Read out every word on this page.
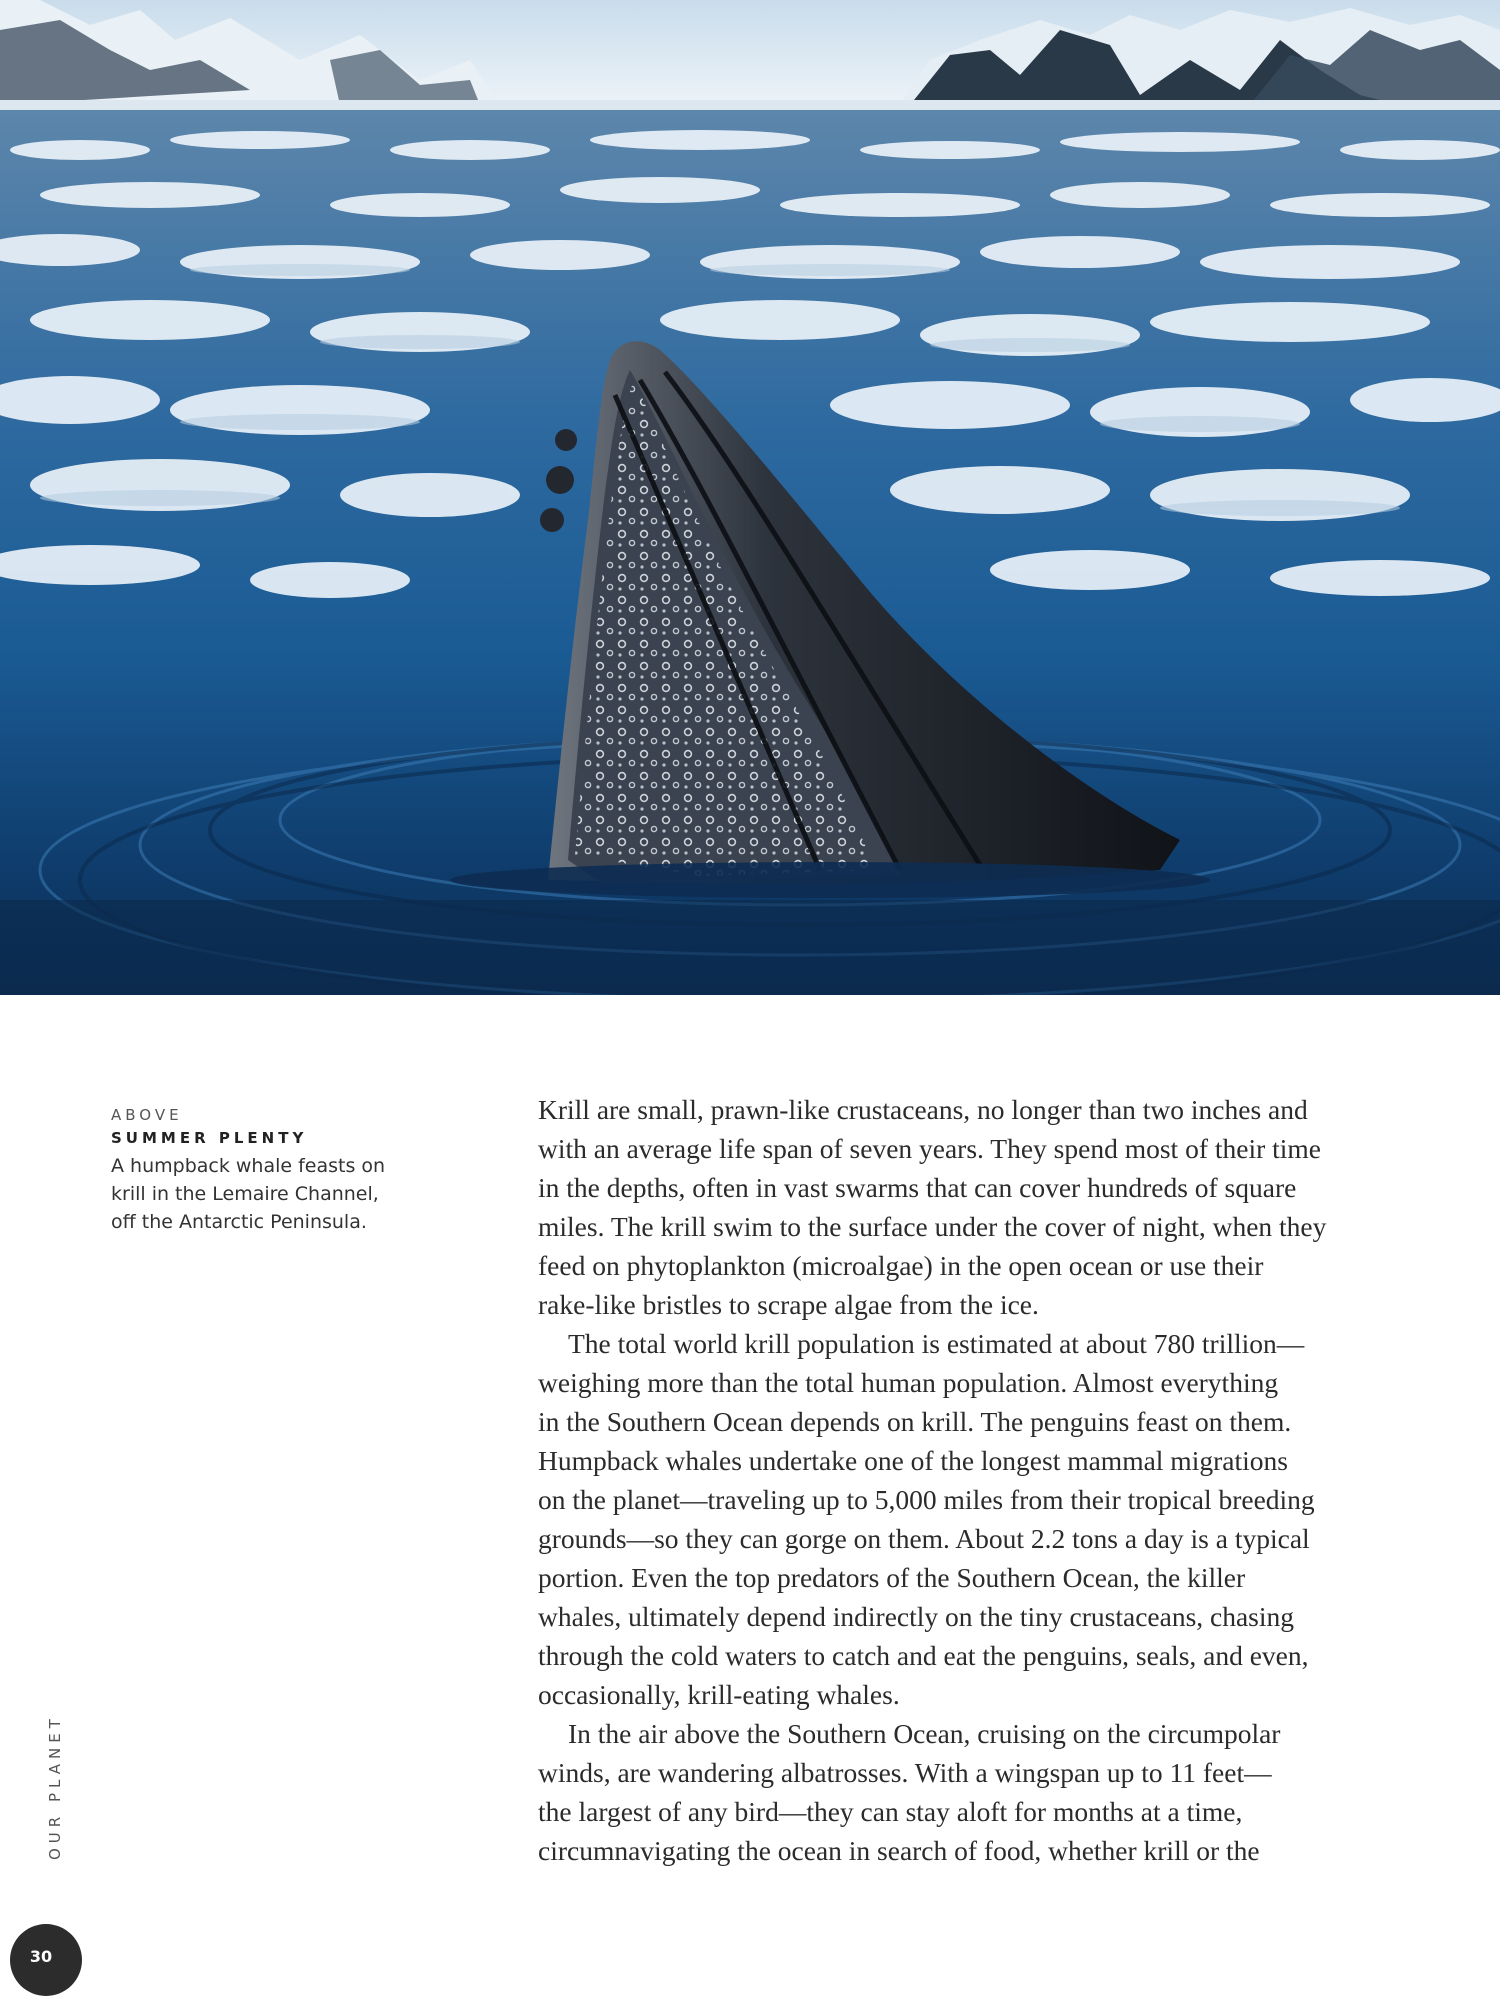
ABOVE
SUMMER PLENTY
A humpback whale feasts on
krill in the Lemaire Channel,
off the Antarctic Peninsula.

Krill are small, prawn-like crustaceans, no longer than two inches and
with an average life span of seven years. They spend most of their time
in the depths, often in vast swarms that can cover hundreds of square
miles. The krill swim to the surface under the cover of night, when they
feed on phytoplankton (microalgae) in the open ocean or use their
rake-like bristles to scrape algae from the ice.

The total world krill population is estimated at about 780 trillion—
weighing more than the total human population. Almost everything
in the Southern Ocean depends on krill. The penguins feast on them.
Humpback whales undertake one of the longest mammal migrations
on the planet—traveling up to 5,000 miles from their tropical breeding
grounds—so they can gorge on them. About 2.2 tons a day is a typical
portion. Even the top predators of the Southern Ocean, the killer
whales, ultimately depend indirectly on the tiny crustaceans, chasing
through the cold waters to catch and eat the penguins, seals, and even,
occasionally, krill-eating whales.

In the air above the Southern Ocean, cruising on the circumpolar
winds, are wandering albatrosses. With a wingspan up to 11 feet—
the largest of any bird—they can stay aloft for months at a time,
circumnavigating the ocean in search of food, whether krill or the

OUR PLANET
30
